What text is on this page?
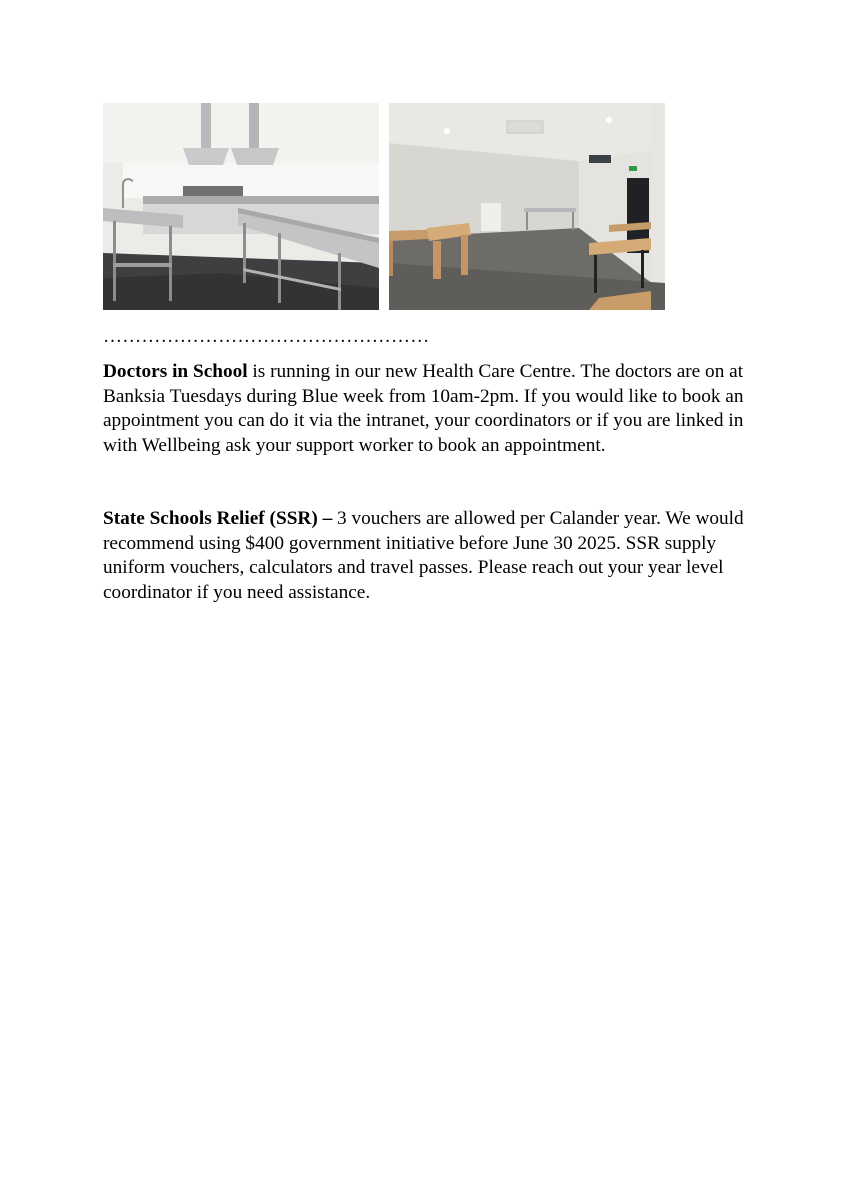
……………………………………………

Doctors in School is running in our new Health Care Centre. The doctors are on at Banksia Tuesdays during Blue week from 10am-2pm. If you would like to book an appointment you can do it via the intranet, your coordinators or if you are linked in with Wellbeing ask your support worker to book an appointment.

State Schools Relief (SSR) – 3 vouchers are allowed per Calander year. We would recommend using $400 government initiative before June 30 2025. SSR supply uniform vouchers, calculators and travel passes. Please reach out your year level coordinator if you need assistance.
